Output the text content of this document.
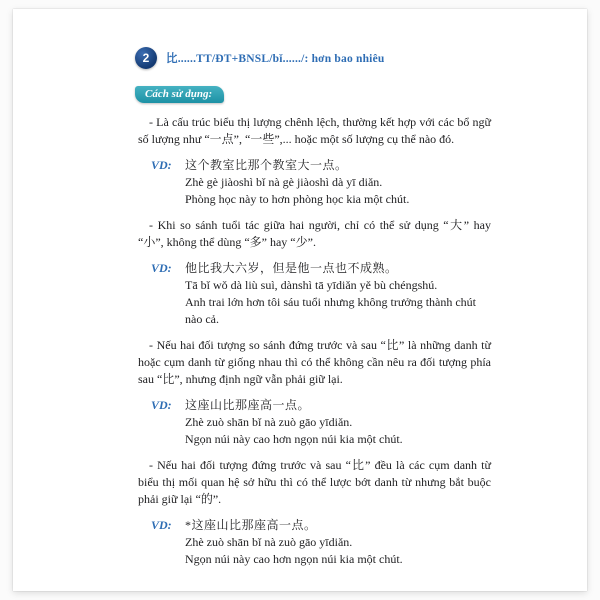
2	比......TT/ĐT+BNSL/bǐ....../: hơn bao nhiêu
Cách sử dụng:

- Là cấu trúc biểu thị lượng chênh lệch, thường kết hợp với các bổ ngữ số lượng như “一点”, “一些”,... hoặc một số lượng cụ thể nào đó.

VD:	这个教室比那个教室大一点。
Zhè gè jiàoshì bǐ nà gè jiàoshì dà yī diǎn.
Phòng học này to hơn phòng học kia một chút.

- Khi so sánh tuổi tác giữa hai người, chỉ có thể sử dụng “大” hay “小”, không thể dùng “多” hay “少”.

VD:	他比我大六岁，但是他一点也不成熟。
Tā bǐ wǒ dà liù suì, dànshì tā yīdiǎn yě bù chéngshú.
Anh trai lớn hơn tôi sáu tuổi nhưng không trưởng thành chút nào cả.

- Nếu hai đối tượng so sánh đứng trước và sau “比” là những danh từ hoặc cụm danh từ giống nhau thì có thể không cần nêu ra đối tượng phía sau “比”, nhưng định ngữ vẫn phải giữ lại.

VD:	这座山比那座高一点。
Zhè zuò shān bǐ nà zuò gāo yīdiǎn.
Ngọn núi này cao hơn ngọn núi kia một chút.

- Nếu hai đối tượng đứng trước và sau “比” đều là các cụm danh từ biểu thị mối quan hệ sở hữu thì có thể lược bớt danh từ nhưng bắt buộc phải giữ lại “的”.

VD:	*这座山比那座高一点。
Zhè zuò shān bǐ nà zuò gāo yīdiǎn.
Ngọn núi này cao hơn ngọn núi kia một chút.
